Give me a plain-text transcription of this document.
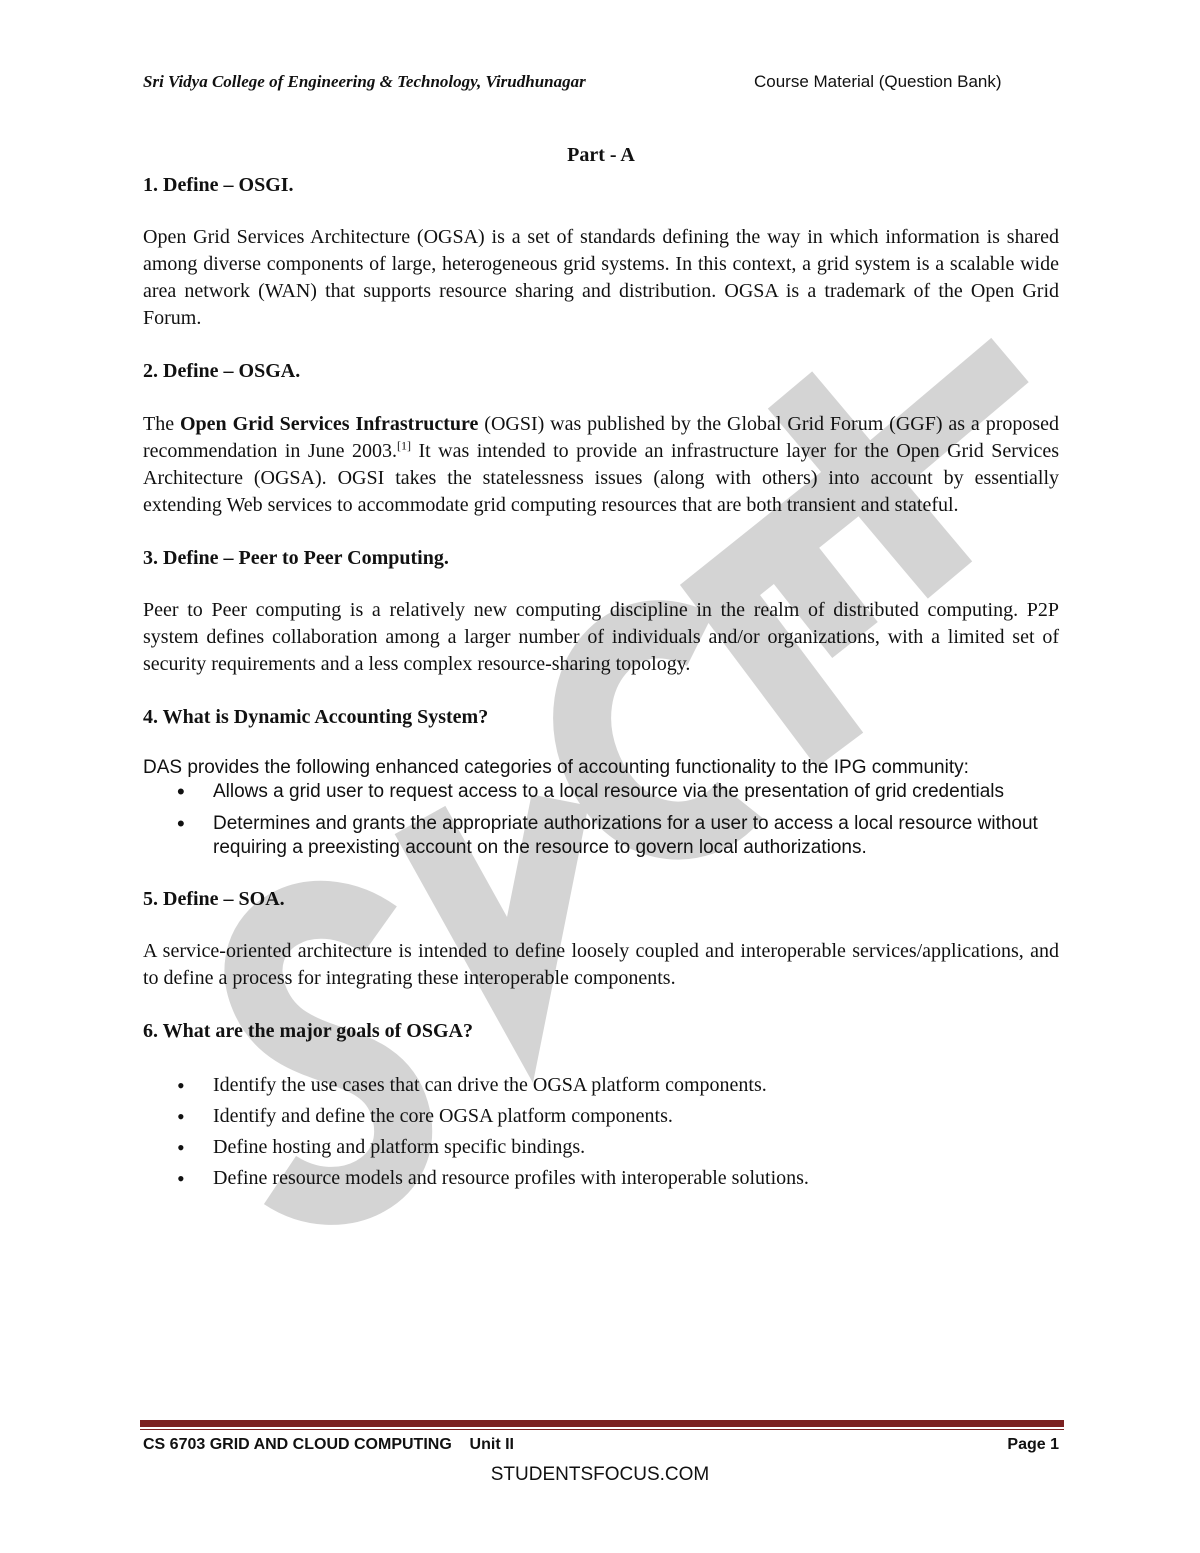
Sri Vidya College of Engineering & Technology, Virudhunagar	Course Material (Question Bank)
Part - A
1. Define – OSGI.

Open Grid Services Architecture (OGSA) is a set of standards defining the way in which information is shared among diverse components of large, heterogeneous grid systems. In this context, a grid system is a scalable wide area network (WAN) that supports resource sharing and distribution. OGSA is a trademark of the Open Grid Forum.

2. Define – OSGA.

The Open Grid Services Infrastructure (OGSI) was published by the Global Grid Forum (GGF) as a proposed recommendation in June 2003.[1] It was intended to provide an infrastructure layer for the Open Grid Services Architecture (OGSA). OGSI takes the statelessness issues (along with others) into account by essentially extending Web services to accommodate grid computing resources that are both transient and stateful.

3. Define – Peer to Peer Computing.

Peer to Peer computing is a relatively new computing discipline in the realm of distributed computing. P2P system defines collaboration among a larger number of individuals and/or organizations, with a limited set of security requirements and a less complex resource-sharing topology.

4. What is Dynamic Accounting System?

DAS provides the following enhanced categories of accounting functionality to the IPG community:

• Allows a grid user to request access to a local resource via the presentation of grid credentials
• Determines and grants the appropriate authorizations for a user to access a local resource without requiring a preexisting account on the resource to govern local authorizations.
5. Define – SOA.

A service-oriented architecture is intended to define loosely coupled and interoperable services/applications, and to define a process for integrating these interoperable components.

6. What are the major goals of OSGA?
• Identify the use cases that can drive the OGSA platform components.
• Identify and define the core OGSA platform components.
• Define hosting and platform specific bindings.
• Define resource models and resource profiles with interoperable solutions.
CS 6703 GRID AND CLOUD COMPUTING    Unit II	Page 1
STUDENTSFOCUS.COM
